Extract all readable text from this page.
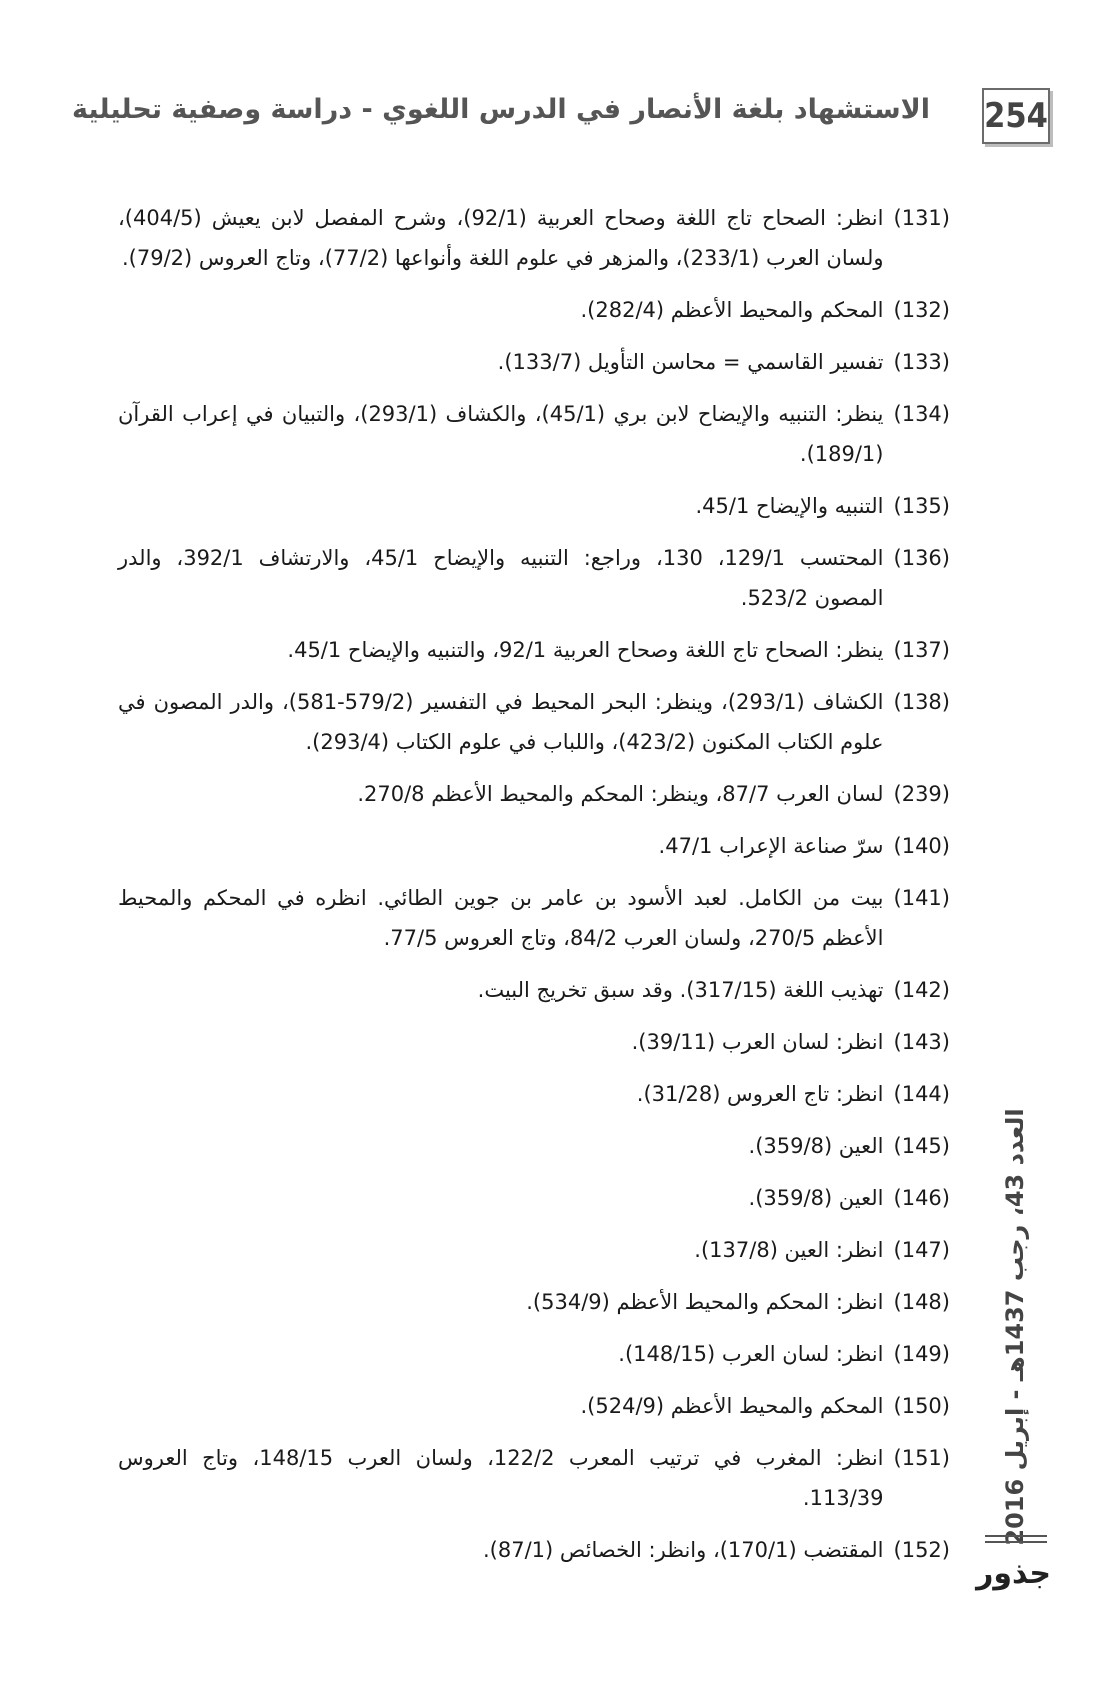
254
الاستشهاد بلغة الأنصار في الدرس اللغوي - دراسة وصفية تحليلية
(131)
انظر: الصحاح تاج اللغة وصحاح العربية (92/1)، وشرح المفصل لابن يعيش (404/5)، ولسان العرب (233/1)، والمزهر في علوم اللغة وأنواعها (77/2)، وتاج العروس (79/2).
(132)
المحكم والمحيط الأعظم (282/4).
(133)
تفسير القاسمي = محاسن التأويل (133/7).
(134)
ينظر: التنبيه والإيضاح لابن بري (45/1)، والكشاف (293/1)، والتبيان في إعراب القرآن (189/1).
(135)
التنبيه والإيضاح 45/1.
(136)
المحتسب 129/1، 130، وراجع: التنبيه والإيضاح 45/1، والارتشاف 392/1، والدر المصون 523/2.
(137)
ينظر: الصحاح تاج اللغة وصحاح العربية 92/1، والتنبيه والإيضاح 45/1.
(138)
الكشاف (293/1)، وينظر: البحر المحيط في التفسير (579/2-581)، والدر المصون في علوم الكتاب المكنون (423/2)، واللباب في علوم الكتاب (293/4).
(239)
لسان العرب 87/7، وينظر: المحكم والمحيط الأعظم 270/8.
(140)
سرّ صناعة الإعراب 47/1.
(141)
بيت من الكامل. لعبد الأسود بن عامر بن جوين الطائي. انظره في المحكم والمحيط الأعظم 270/5، ولسان العرب 84/2، وتاج العروس 77/5.
(142)
تهذيب اللغة (317/15). وقد سبق تخريج البيت.
(143)
انظر: لسان العرب (39/11).
(144)
انظر: تاج العروس (31/28).
(145)
العين (359/8).
(146)
العين (359/8).
(147)
انظر: العين (137/8).
(148)
انظر: المحكم والمحيط الأعظم (534/9).
(149)
انظر: لسان العرب (148/15).
(150)
المحكم والمحيط الأعظم (524/9).
(151)
انظر: المغرب في ترتيب المعرب 122/2، ولسان العرب 148/15، وتاج العروس 113/39.
(152)
المقتضب (170/1)، وانظر: الخصائص (87/1).
العدد 43، رجب 1437هـ - إبريل 2016
جذور
